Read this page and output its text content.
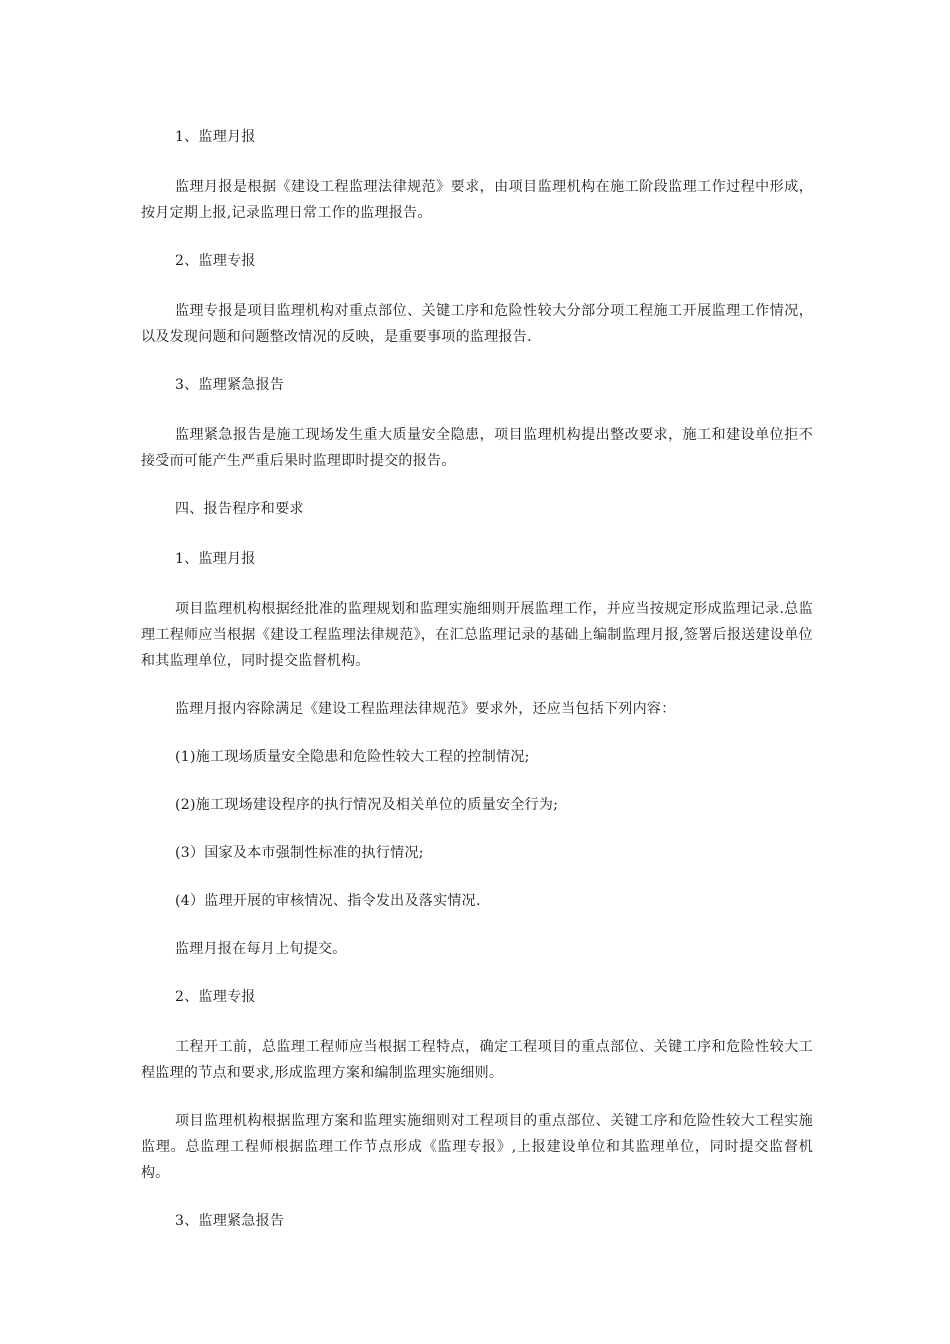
1、监理月报

监理月报是根据《建设工程监理法律规范》要求，由项目监理机构在施工阶段监理工作过程中形成，按月定期上报,记录监理日常工作的监理报告。

2、监理专报

监理专报是项目监理机构对重点部位、关键工序和危险性较大分部分项工程施工开展监理工作情况，以及发现问题和问题整改情况的反映，是重要事项的监理报告.

3、监理紧急报告

监理紧急报告是施工现场发生重大质量安全隐患，项目监理机构提出整改要求，施工和建设单位拒不接受而可能产生严重后果时监理即时提交的报告。

四、报告程序和要求

1、监理月报

项目监理机构根据经批准的监理规划和监理实施细则开展监理工作，并应当按规定形成监理记录.总监理工程师应当根据《建设工程监理法律规范》，在汇总监理记录的基础上编制监理月报,签署后报送建设单位和其监理单位，同时提交监督机构。

监理月报内容除满足《建设工程监理法律规范》要求外，还应当包括下列内容：

(1)施工现场质量安全隐患和危险性较大工程的控制情况;

(2)施工现场建设程序的执行情况及相关单位的质量安全行为;

(3）国家及本市强制性标准的执行情况;

(4）监理开展的审核情况、指令发出及落实情况.

监理月报在每月上旬提交。

2、监理专报

工程开工前，总监理工程师应当根据工程特点，确定工程项目的重点部位、关键工序和危险性较大工程监理的节点和要求,形成监理方案和编制监理实施细则。

项目监理机构根据监理方案和监理实施细则对工程项目的重点部位、关键工序和危险性较大工程实施监理。总监理工程师根据监理工作节点形成《监理专报》,上报建设单位和其监理单位，同时提交监督机构。

3、监理紧急报告
